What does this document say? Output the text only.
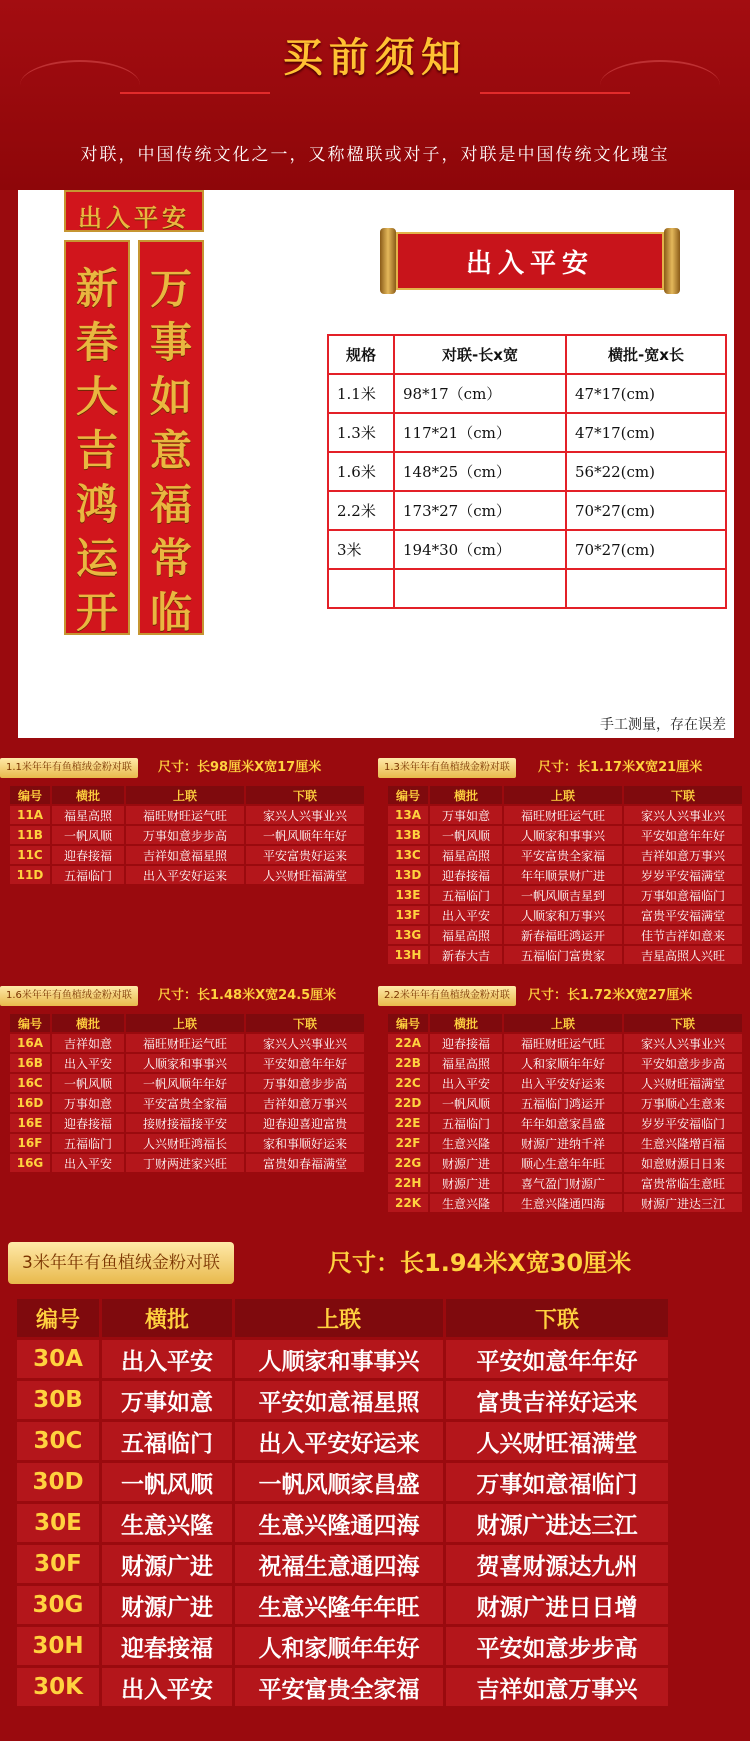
买前须知
对联，中国传统文化之一，又称楹联或对子，对联是中国传统文化瑰宝
出入平安
新春大吉鸿运开
万事如意福常临
出入平安
规格	对联-长x宽	横批-宽x长
1.1米	98*17（cm）	47*17(cm)
1.3米	117*21（cm）	47*17(cm)
1.6米	148*25（cm）	56*22(cm)
2.2米	173*27（cm）	70*27(cm)
3米	194*30（cm）	70*27(cm)

手工测量，存在误差
1.1米年年有鱼植绒金粉对联	尺寸：长98厘米X宽17厘米
编号	横批	上联	下联
11A	福星高照	福旺财旺运气旺	家兴人兴事业兴
11B	一帆风顺	万事如意步步高	一帆风顺年年好
11C	迎春接福	吉祥如意福星照	平安富贵好运来
11D	五福临门	出入平安好运来	人兴财旺福满堂
1.3米年年有鱼植绒金粉对联	尺寸：长1.17米X宽21厘米
编号	横批	上联	下联
13A	万事如意	福旺财旺运气旺	家兴人兴事业兴
13B	一帆风顺	人顺家和事事兴	平安如意年年好
13C	福星高照	平安富贵全家福	吉祥如意万事兴
13D	迎春接福	年年顺景财广进	岁岁平安福满堂
13E	五福临门	一帆风顺吉星到	万事如意福临门
13F	出入平安	人顺家和万事兴	富贵平安福满堂
13G	福星高照	新春福旺鸿运开	佳节吉祥如意来
13H	新春大吉	五福临门富贵家	吉星高照人兴旺
1.6米年年有鱼植绒金粉对联	尺寸：长1.48米X宽24.5厘米
编号	横批	上联	下联
16A	吉祥如意	福旺财旺运气旺	家兴人兴事业兴
16B	出入平安	人顺家和事事兴	平安如意年年好
16C	一帆风顺	一帆风顺年年好	万事如意步步高
16D	万事如意	平安富贵全家福	吉祥如意万事兴
16E	迎春接福	接财接福接平安	迎春迎喜迎富贵
16F	五福临门	人兴财旺鸿福长	家和事顺好运来
16G	出入平安	丁财两进家兴旺	富贵如春福满堂
2.2米年年有鱼植绒金粉对联	尺寸：长1.72米X宽27厘米
编号	横批	上联	下联
22A	迎春接福	福旺财旺运气旺	家兴人兴事业兴
22B	福星高照	人和家顺年年好	平安如意步步高
22C	出入平安	出入平安好运来	人兴财旺福满堂
22D	一帆风顺	五福临门鸿运开	万事顺心生意来
22E	五福临门	年年如意家昌盛	岁岁平安福临门
22F	生意兴隆	财源广进纳千祥	生意兴隆增百福
22G	财源广进	顺心生意年年旺	如意财源日日来
22H	财源广进	喜气盈门财源广	富贵常临生意旺
22K	生意兴隆	生意兴隆通四海	财源广进达三江
3米年年有鱼植绒金粉对联	尺寸：长1.94米X宽30厘米
编号	横批	上联	下联
30A	出入平安	人顺家和事事兴	平安如意年年好
30B	万事如意	平安如意福星照	富贵吉祥好运来
30C	五福临门	出入平安好运来	人兴财旺福满堂
30D	一帆风顺	一帆风顺家昌盛	万事如意福临门
30E	生意兴隆	生意兴隆通四海	财源广进达三江
30F	财源广进	祝福生意通四海	贺喜财源达九州
30G	财源广进	生意兴隆年年旺	财源广进日日增
30H	迎春接福	人和家顺年年好	平安如意步步高
30K	出入平安	平安富贵全家福	吉祥如意万事兴
